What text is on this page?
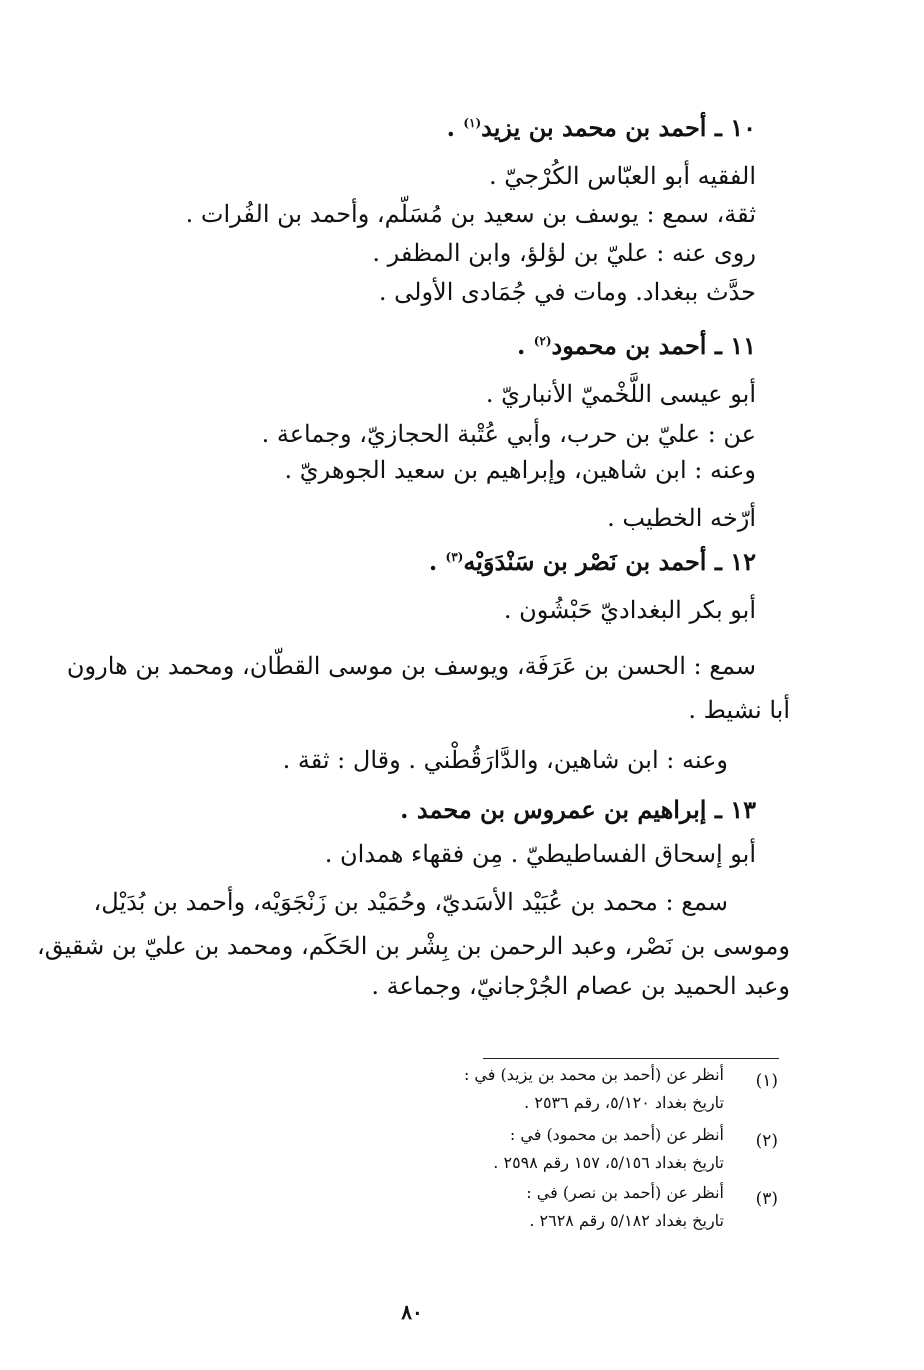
١٠ ـ أحمد بن محمد بن يزيد$^{(١)}$ .
الفقيه أبو العبّاس الكُرْجيّ .
ثقة، سمع : يوسف بن سعيد بن مُسَلّم، وأحمد بن الفُرات .
روى عنه : عليّ بن لؤلؤ، وابن المظفر .
حدَّث ببغداد. ومات في جُمَادى الأولى .
١١ ـ أحمد بن محمود$^{(٢)}$ .
أبو عيسى اللَّخْميّ الأنباريّ .
عن : عليّ بن حرب، وأبي عُتْبة الحجازيّ، وجماعة .
وعنه : ابن شاهين، وإبراهيم بن سعيد الجوهريّ .
أرّخه الخطيب .
١٢ ـ أحمد بن نَصْر بن سَنْدَوَيْه$^{(٣)}$ .
أبو بكر البغداديّ حَبْشُون .
سمع : الحسن بن عَرَفَة، ويوسف بن موسى القطّان، ومحمد بن هارون
أبا نشيط .
وعنه : ابن شاهين، والدَّارَقُطْني . وقال : ثقة .
١٣ ـ إبراهيم بن عمروس بن محمد .
أبو إسحاق الفساطيطيّ . مِن فقهاء همدان .
سمع : محمد بن عُبَيْد الأسَديّ، وحُمَيْد بن زَنْجَوَيْه، وأحمد بن بُدَيْل،
وموسى بن نَصْر، وعبد الرحمن بن بِشْر بن الحَكَم، ومحمد بن عليّ بن شقيق،
وعبد الحميد بن عصام الجُرْجانيّ، وجماعة .
(١)
أنظر عن (أحمد بن محمد بن يزيد) في :
تاريخ بغداد ٥/١٢٠، رقم ٢٥٣٦ .
(٢)
أنظر عن (أحمد بن محمود) في :
تاريخ بغداد ٥/١٥٦، ١٥٧ رقم ٢٥٩٨ .
(٣)
أنظر عن (أحمد بن نصر) في :
تاريخ بغداد ٥/١٨٢ رقم ٢٦٢٨ .
٨٠
